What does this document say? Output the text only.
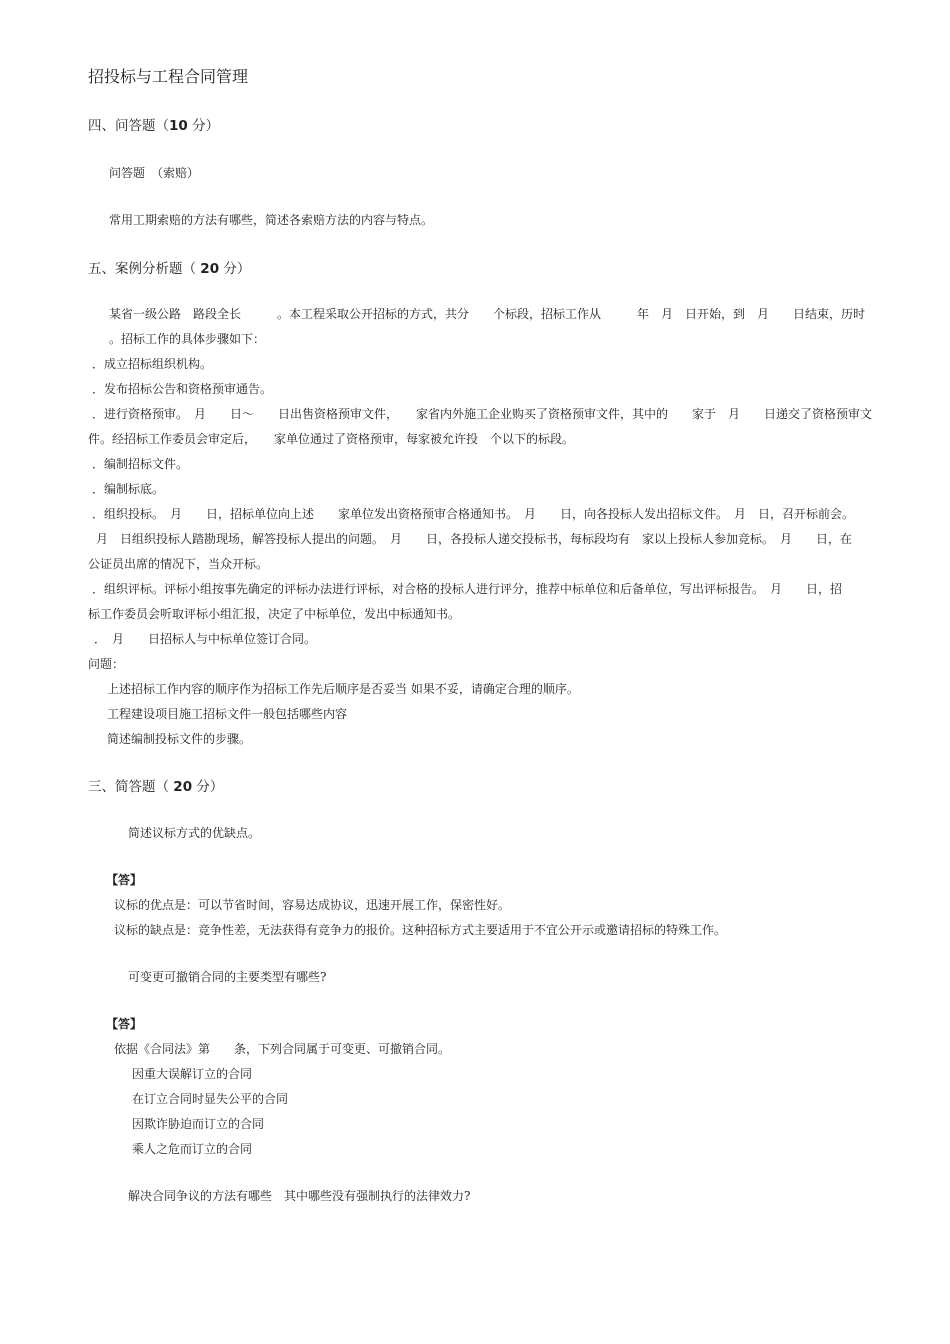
招投标与工程合同管理
四、问答题（10 分）
问答题　（索赔）
常用工期索赔的方法有哪些，简述各索赔方法的内容与特点。
五、案例分析题（ 20 分）
某省一级公路　路段全长　　　。本工程采取公开招标的方式，共分　　个标段，招标工作从　　　年　月　日开始，到　月　　日结束，历时
。招标工作的具体步骤如下：
．成立招标组织机构。
．发布招标公告和资格预审通告。
．进行资格预审。　月　　日～　　日出售资格预审文件，　　家省内外施工企业购买了资格预审文件，其中的　　家于　月　　日递交了资格预审文
件。经招标工作委员会审定后，　　家单位通过了资格预审，每家被允许投　个以下的标段。
．编制招标文件。
．编制标底。
．组织投标。　月　　日，招标单位向上述　　家单位发出资格预审合格通知书。　月　　日，向各投标人发出招标文件。　月　日，召开标前会。
月　日组织投标人踏勘现场，解答投标人提出的问题。　月　　日，各投标人递交投标书，每标段均有　家以上投标人参加竞标。　月　　日，在
公证员出席的情况下，当众开标。
．组织评标。评标小组按事先确定的评标办法进行评标，对合格的投标人进行评分，推荐中标单位和后备单位，写出评标报告。　月　　日，招
标工作委员会听取评标小组汇报，决定了中标单位，发出中标通知书。
．　月　　日招标人与中标单位签订合同。
问题：
上述招标工作内容的顺序作为招标工作先后顺序是否妥当 如果不妥，请确定合理的顺序。
工程建设项目施工招标文件一般包括哪些内容
简述编制投标文件的步骤。
三、简答题（ 20 分）
简述议标方式的优缺点。
【答】
议标的优点是：可以节省时间，容易达成协议，迅速开展工作，保密性好。
议标的缺点是：竞争性差，无法获得有竞争力的报价。这种招标方式主要适用于不宜公开示或邀请招标的特殊工作。
可变更可撤销合同的主要类型有哪些?
【答】
依据《合同法》第　　条，下列合同属于可变更、可撤销合同。
因重大误解订立的合同
在订立合同时显失公平的合同
因欺诈胁迫而订立的合同
乘人之危而订立的合同
解决合同争议的方法有哪些　其中哪些没有强制执行的法律效力?
